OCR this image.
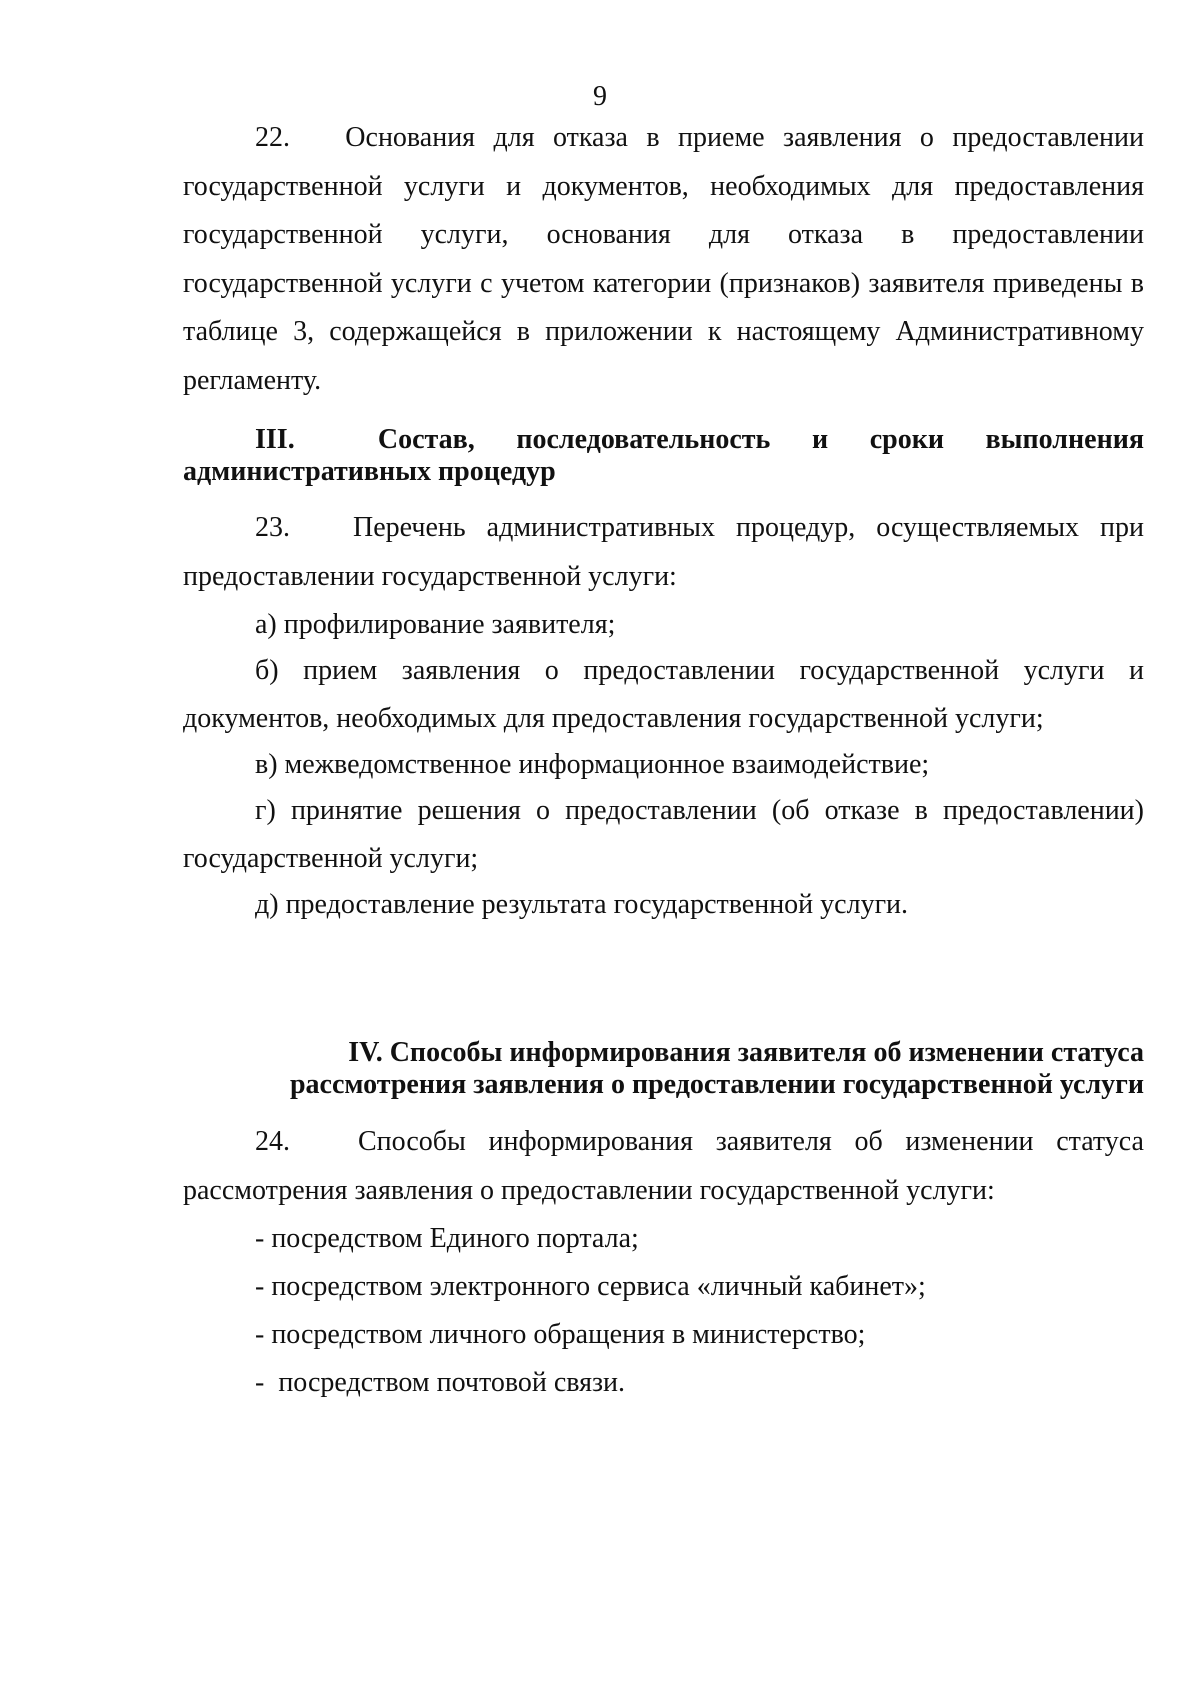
9

22.   Основания для отказа в приеме заявления о предоставлении государственной услуги и документов, необходимых для предоставления государственной услуги, основания для отказа в предоставлении государственной услуги с учетом категории (признаков) заявителя приведены в таблице 3, содержащейся в приложении к настоящему Административному регламенту.

III.  Состав, последовательность и сроки выполнения административных процедур

23.   Перечень административных процедур, осуществляемых при предоставлении государственной услуги:

а) профилирование заявителя;

б) прием заявления о предоставлении государственной услуги и документов, необходимых для предоставления государственной услуги;

в) межведомственное информационное взаимодействие;

г) принятие решения о предоставлении (об отказе в предоставлении) государственной услуги;

д) предоставление результата государственной услуги.

IV. Способы информирования заявителя об изменении статуса
рассмотрения заявления о предоставлении государственной услуги

24.   Способы информирования заявителя об изменении статуса рассмотрения заявления о предоставлении государственной услуги:

- посредством Единого портала;

- посредством электронного сервиса «личный кабинет»;

- посредством личного обращения в министерство;

-  посредством почтовой связи.
